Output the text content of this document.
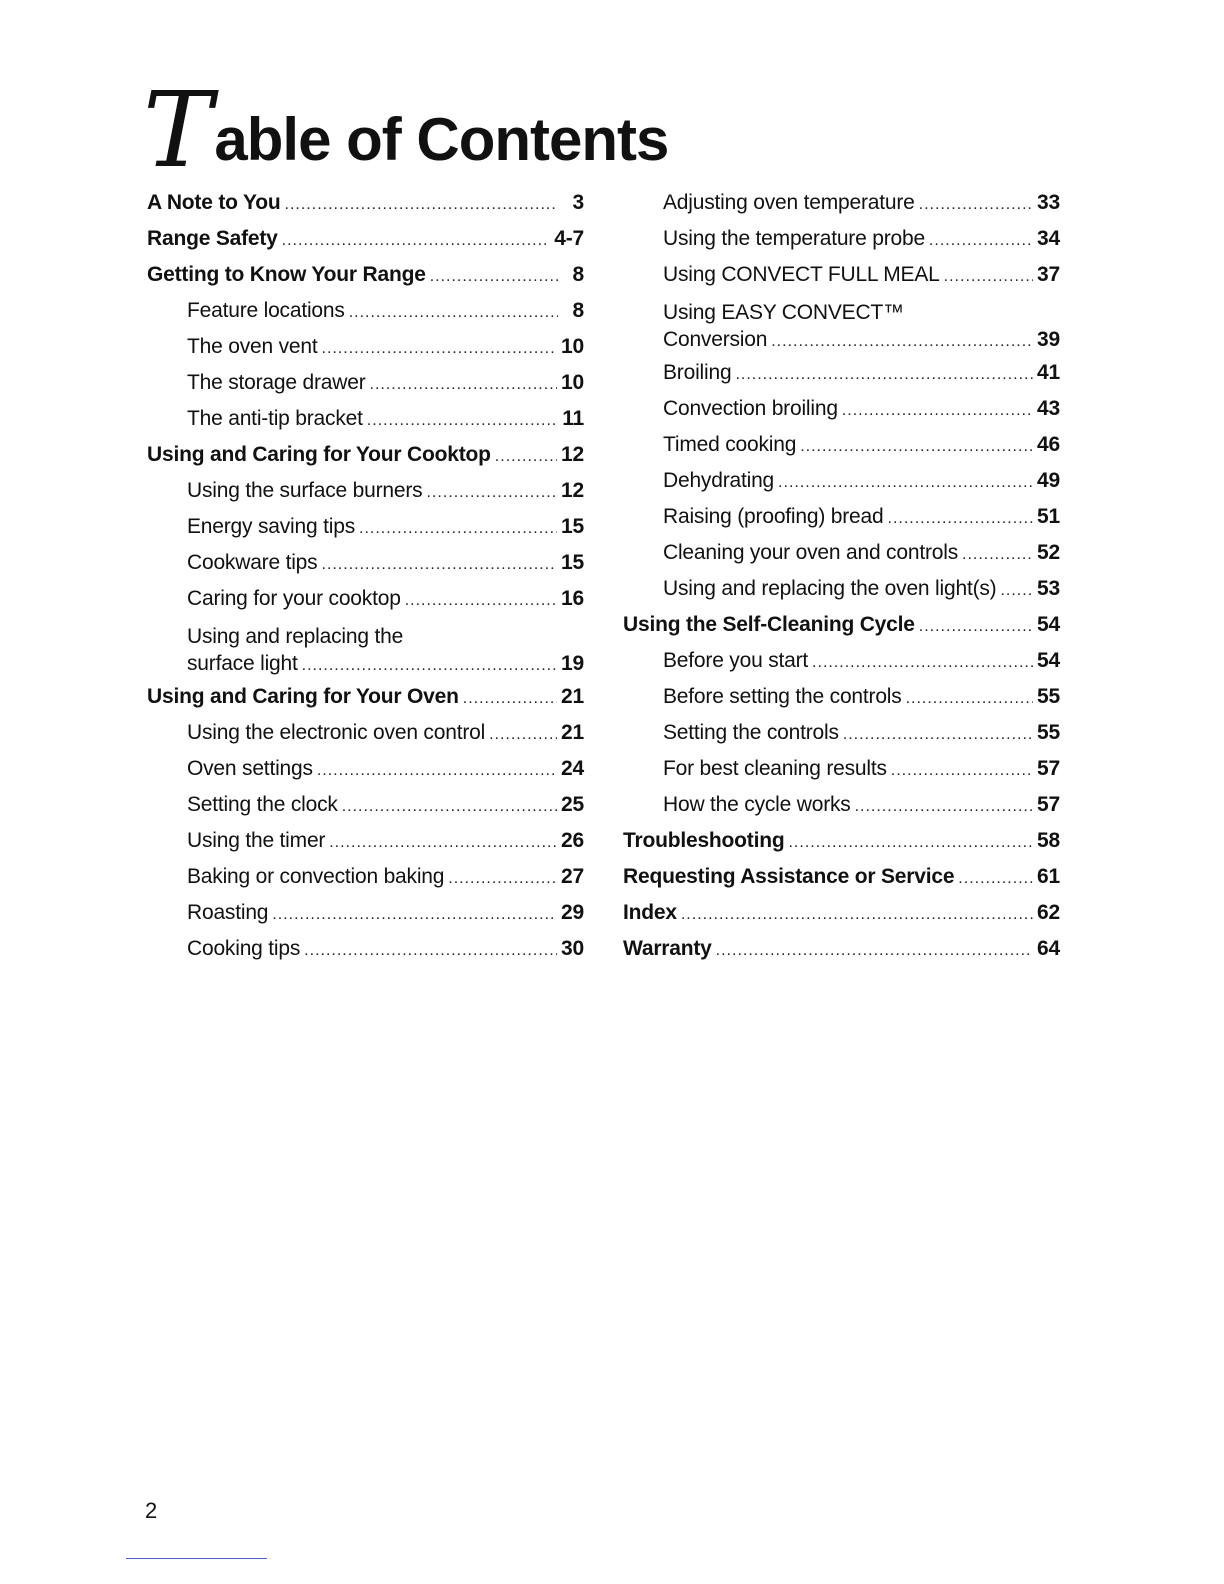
T able of Contents
A Note to You .....	3
Range Safety .....	4-7
Getting to Know Your Range .....	8
Feature locations .....	8
The oven vent .....	10
The storage drawer .....	10
The anti-tip bracket .....	11
Using and Caring for Your Cooktop .....	12
Using the surface burners .....	12
Energy saving tips .....	15
Cookware tips .....	15
Caring for your cooktop .....	16
Using and replacing the
surface light .....	19
Using and Caring for Your Oven .....	21
Using the electronic oven control .....	21
Oven settings .....	24
Setting the clock .....	25
Using the timer .....	26
Baking or convection baking .....	27
Roasting .....	29
Cooking tips .....	30
Adjusting oven temperature .....	33
Using the temperature probe .....	34
Using CONVECT FULL MEAL .....	37
Using EASY CONVECT™
Conversion .....	39
Broiling .....	41
Convection broiling .....	43
Timed cooking .....	46
Dehydrating .....	49
Raising (proofing) bread .....	51
Cleaning your oven and controls .....	52
Using and replacing the oven light(s) ..... 53
Using the Self-Cleaning Cycle .....	54
Before you start .....	54
Before setting the controls .....	55
Setting the controls .....	55
For best cleaning results .....	57
How the cycle works .....	57
Troubleshooting .....	58
Requesting Assistance or Service .....	61
Index .....	62
Warranty .....	64
2
